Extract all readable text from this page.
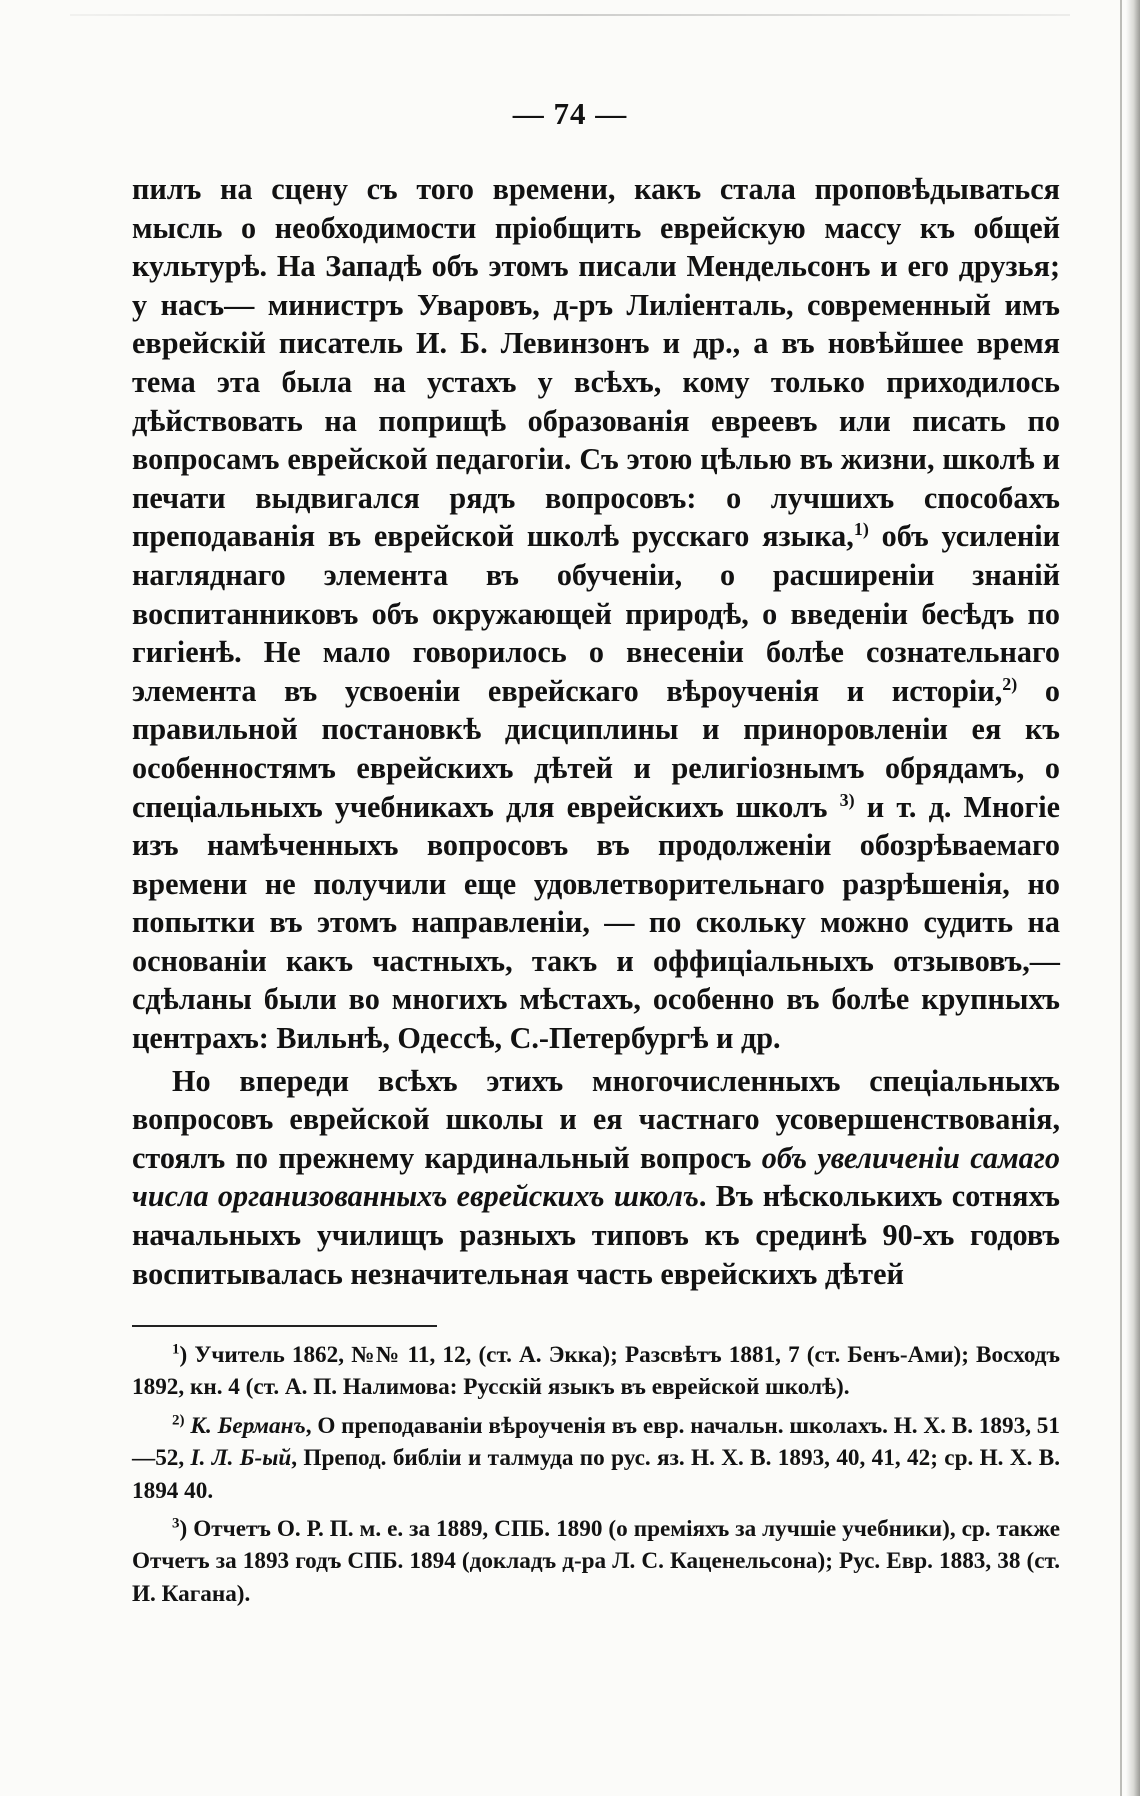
— 74 —

пилъ на сцену съ того времени, какъ стала проповѣдываться мысль о необходимости пріобщить еврейскую массу къ общей культурѣ. На Западѣ объ этомъ писали Мендельсонъ и его друзья; у насъ— министръ Уваровъ, д-ръ Лиліенталь, современный имъ еврейскій писатель И. Б. Левинзонъ и др., а въ новѣйшее время тема эта была на устахъ у всѣхъ, кому только приходилось дѣйствовать на поприщѣ образованія евреевъ или писать по вопросамъ еврейской педагогіи. Съ этою цѣлью въ жизни, школѣ и печати выдвигался рядъ вопросовъ: о лучшихъ способахъ преподаванія въ еврейской школѣ русскаго языка,$^{1)}$ объ усиленіи нагляднаго элемента въ обученіи, о расширеніи знаній воспитанниковъ объ окружающей природѣ, о введеніи бесѣдъ по гигіенѣ. Не мало говорилось о внесеніи болѣе сознательнаго элемента въ усвоеніи еврейскаго вѣроученія и исторіи,$^{2)}$ о правильной постановкѣ дисциплины и приноровленіи ея къ особенностямъ еврейскихъ дѣтей и религіознымъ обрядамъ, о спеціальныхъ учебникахъ для еврейскихъ школъ $^{3)}$ и т. д. Многіе изъ намѣченныхъ вопросовъ въ продолженіи обозрѣваемаго времени не получили еще удовлетворительнаго разрѣшенія, но попытки въ этомъ направленіи, — по скольку можно судить на основаніи какъ частныхъ, такъ и оффиціальныхъ отзывовъ,—сдѣланы были во многихъ мѣстахъ, особенно въ болѣе крупныхъ центрахъ: Вильнѣ, Одессѣ, С.-Петербургѣ и др.

Но впереди всѣхъ этихъ многочисленныхъ спеціальныхъ вопросовъ еврейской школы и ея частнаго усовершенствованія, стоялъ по прежнему кардинальный вопросъ объ увеличеніи самаго числа организованныхъ еврейскихъ школъ. Въ нѣсколькихъ сотняхъ начальныхъ училищъ разныхъ типовъ къ срединѣ 90-хъ годовъ воспитывалась незначительная часть еврейскихъ дѣтей

$^1$) Учитель 1862, №№ 11, 12, (ст. А. Экка); Разсвѣтъ 1881, 7 (ст. Бенъ-Ами); Восходъ 1892, кн. 4 (ст. А. П. Налимова: Русскій языкъ въ еврейской школѣ).

$^{2)}$ К. Берманъ, О преподаваніи вѣроученія въ евр. начальн. школахъ. Н. Х. В. 1893, 51—52, І. Л. Б-ый, Препод. библіи и талмуда по рус. яз. Н. Х. В. 1893, 40, 41, 42; ср. Н. Х. В. 1894 40.

$^3$) Отчетъ О. Р. П. м. е. за 1889, СПБ. 1890 (о преміяхъ за лучшіе учебники), ср. также Отчетъ за 1893 годъ СПБ. 1894 (докладъ д-ра Л. С. Каценельсона); Рус. Евр. 1883, 38 (ст. И. Кагана).
